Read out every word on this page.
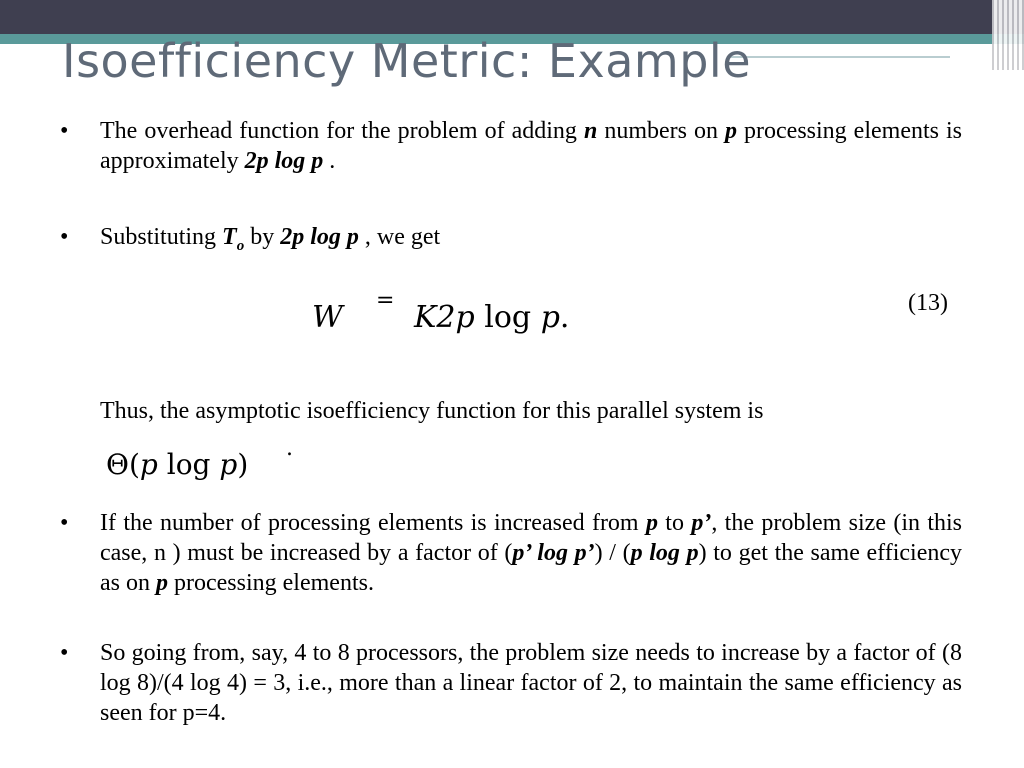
Isoefficiency Metric: Example
• The overhead function for the problem of adding n numbers on p processing elements is approximately 2p log p .
• Substituting $T_o$ by 2p log p , we get
W = K2p log p.	(13)
Thus, the asymptotic isoefficiency function for this parallel system is
Θ(p log p) .
• If the number of processing elements is increased from p to p’, the problem size (in this case, n ) must be increased by a factor of (p’ log p’) / (p log p) to get the same efficiency as on p processing elements.
• So going from, say, 4 to 8 processors, the problem size needs to increase by a factor of (8 log 8)/(4 log 4) = 3, i.e., more than a linear factor of 2, to maintain the same efficiency as seen for p=4.
